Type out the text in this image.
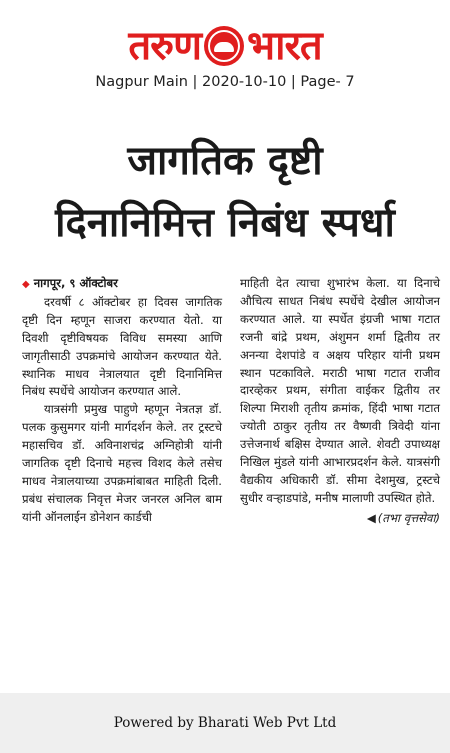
तरुण भारत
Nagpur Main | 2020-10-10 | Page- 7
जागतिक दृष्टी
दिनानिमित्त निबंध स्पर्धा
◆ नागपूर, ९ ऑक्टोबर

दरवर्षी ८ ऑक्टोबर हा दिवस जागतिक दृष्टी दिन म्हणून साजरा करण्यात येतो. या दिवशी दृष्टीविषयक विविध समस्या आणि जागृतीसाठी उपक्रमांचे आयोजन करण्यात येते. स्थानिक माधव नेत्रालयात दृष्टी दिनानिमित्त निबंध स्पर्धेचे आयोजन करण्यात आले.

यात्रसंगी प्रमुख पाहुणे म्हणून नेत्रतज्ञ डॉ. पलक कुसुमगर यांनी मार्गदर्शन केले. तर ट्रस्टचे महासचिव डॉ. अविनाशचंद्र अग्निहोत्री यांनी जागतिक दृष्टी दिनाचे महत्त्व विशद केले तसेच माधव नेत्रालयाच्या उपक्रमांबाबत माहिती दिली. प्रबंध संचालक निवृत्त मेजर जनरल अनिल बाम यांनी ऑनलाईन डोनेशन कार्डची

माहिती देत त्याचा शुभारंभ केला. या दिनाचे औचित्य साधत निबंध स्पर्धेचे देखील आयोजन करण्यात आले. या स्पर्धेत इंग्रजी भाषा गटात रजनी बांद्रे प्रथम, अंशुमन शर्मा द्वितीय तर अनन्या देशपांडे व अक्षय परिहार यांनी प्रथम स्थान पटकाविले. मराठी भाषा गटात राजीव दारव्हेकर प्रथम, संगीता वाईकर द्वितीय तर शिल्पा मिराशी तृतीय क्रमांक, हिंदी भाषा गटात ज्योती ठाकुर तृतीय तर वैष्णवी त्रिवेदी यांना उत्तेजनार्थ बक्षिस देण्यात आले. शेवटी उपाध्यक्ष निखिल मुंडले यांनी आभारप्रदर्शन केले. यात्रसंगी वैद्यकीय अधिकारी डॉ. सीमा देशमुख, ट्रस्टचे सुधीर वऱ्हाडपांडे, मनीष मालाणी उपस्थित होते.

◀ (तभा वृत्तसेवा)
Powered by Bharati Web Pvt Ltd
